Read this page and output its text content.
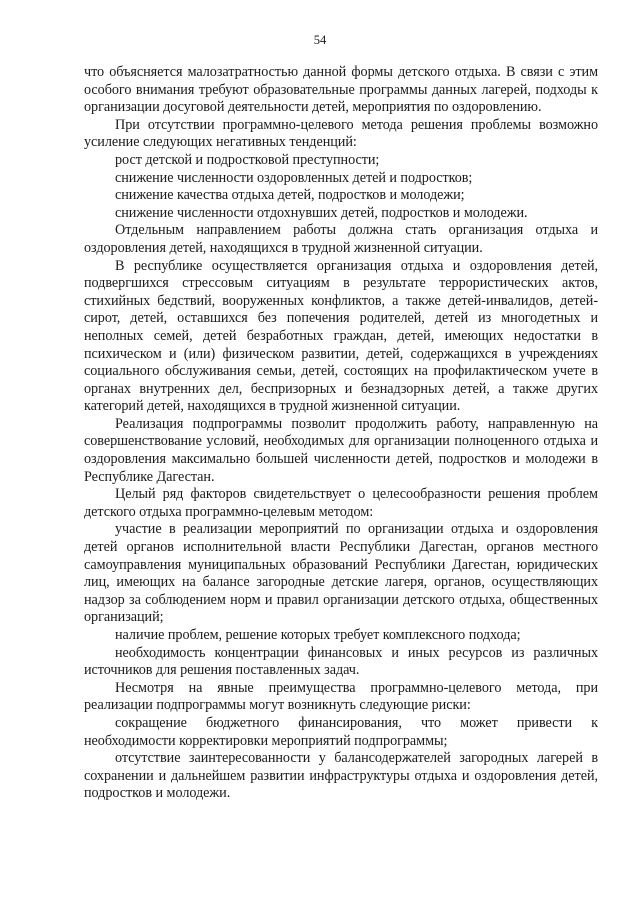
54

что объясняется малозатратностью данной формы детского отдыха. В связи с этим особого внимания требуют образовательные программы данных лагерей, подходы к организации досуговой деятельности детей, мероприятия по оздоровлению.

При отсутствии программно-целевого метода решения проблемы возможно усиление следующих негативных тенденций:

рост детской и подростковой преступности;

снижение численности оздоровленных детей и подростков;

снижение качества отдыха детей, подростков и молодежи;

снижение численности отдохнувших детей, подростков и молодежи.

Отдельным направлением работы должна стать организация отдыха и оздоровления детей, находящихся в трудной жизненной ситуации.

В республике осуществляется организация отдыха и оздоровления детей, подвергшихся стрессовым ситуациям в результате террористических актов, стихийных бедствий, вооруженных конфликтов, а также детей-инвалидов, детей-сирот, детей, оставшихся без попечения родителей, детей из многодетных и неполных семей, детей безработных граждан, детей, имеющих недостатки в психическом и (или) физическом развитии, детей, содержащихся в учреждениях социального обслуживания семьи, детей, состоящих на профилактическом учете в органах внутренних дел, беспризорных и безнадзорных детей, а также других категорий детей, находящихся в трудной жизненной ситуации.

Реализация подпрограммы позволит продолжить работу, направленную на совершенствование условий, необходимых для организации полноценного отдыха и оздоровления максимально большей численности детей, подростков и молодежи в Республике Дагестан.

Целый ряд факторов свидетельствует о целесообразности решения проблем детского отдыха программно-целевым методом:

участие в реализации мероприятий по организации отдыха и оздоровления детей органов исполнительной власти Республики Дагестан, органов местного самоуправления муниципальных образований Республики Дагестан, юридических лиц, имеющих на балансе загородные детские лагеря, органов, осуществляющих надзор за соблюдением норм и правил организации детского отдыха, общественных организаций;

наличие проблем, решение которых требует комплексного подхода;

необходимость концентрации финансовых и иных ресурсов из различных источников для решения поставленных задач.

Несмотря на явные преимущества программно-целевого метода, при реализации подпрограммы могут возникнуть следующие риски:

сокращение бюджетного финансирования, что может привести к необходимости корректировки мероприятий подпрограммы;

отсутствие заинтересованности у балансодержателей загородных лагерей в сохранении и дальнейшем развитии инфраструктуры отдыха и оздоровления детей, подростков и молодежи.
